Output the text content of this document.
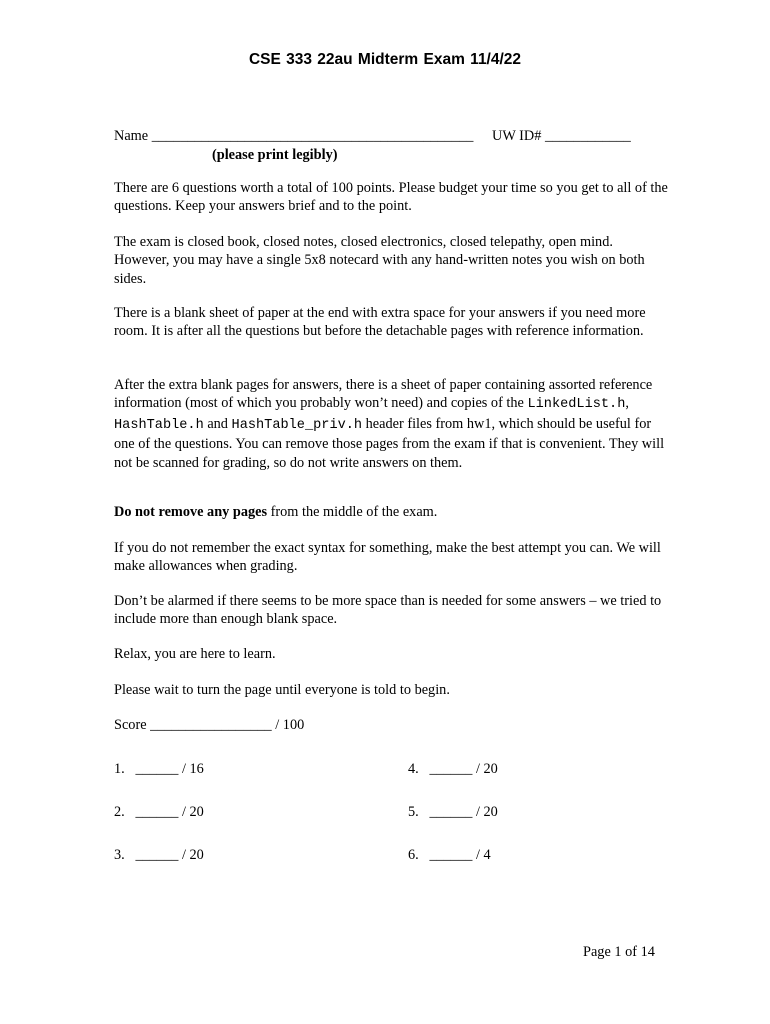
CSE 333 22au Midterm Exam 11/4/22
Name _____________________________________________ UW ID# ____________
(please print legibly)
There are 6 questions worth a total of 100 points. Please budget your time so you get to all of the questions. Keep your answers brief and to the point.
The exam is closed book, closed notes, closed electronics, closed telepathy, open mind. However, you may have a single 5x8 notecard with any hand-written notes you wish on both sides.
There is a blank sheet of paper at the end with extra space for your answers if you need more room. It is after all the questions but before the detachable pages with reference information.
After the extra blank pages for answers, there is a sheet of paper containing assorted reference information (most of which you probably won’t need) and copies of the LinkedList.h, HashTable.h and HashTable_priv.h header files from hw1, which should be useful for one of the questions. You can remove those pages from the exam if that is convenient. They will not be scanned for grading, so do not write answers on them.
Do not remove any pages from the middle of the exam.
If you do not remember the exact syntax for something, make the best attempt you can. We will make allowances when grading.
Don’t be alarmed if there seems to be more space than is needed for some answers – we tried to include more than enough blank space.
Relax, you are here to learn.
Please wait to turn the page until everyone is told to begin.
Score _________________ / 100
1. ______ / 16
2. ______ / 20
3. ______ / 20
4. ______ / 20
5. ______ / 20
6. ______ / 4
Page 1 of 14
